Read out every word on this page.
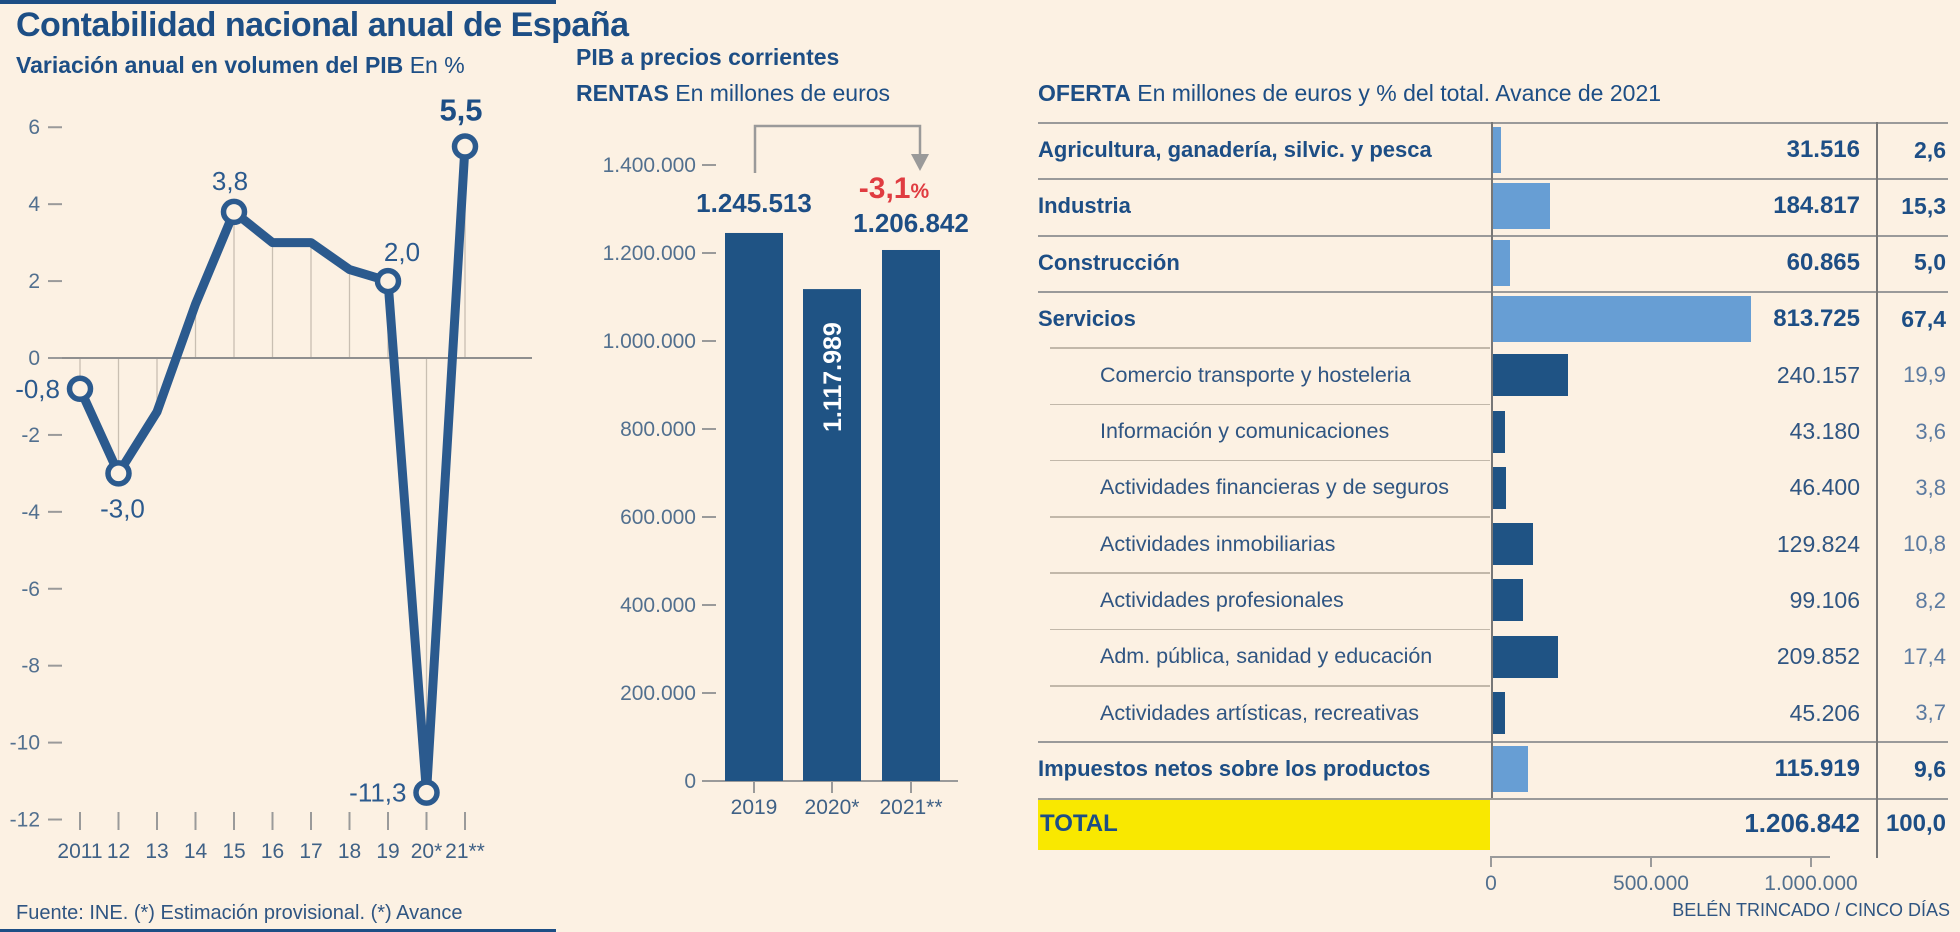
Contabilidad nacional anual de España
Variación anual en volumen del PIB En %
6
4
2
0
-2
-4
-6
-8
-10
-12
2011 12 13 14 15 16 17 18 19 20* 21**
-0,8
-3,0
3,8
2,0
-11,3
5,5
PIB a precios corrientes
RENTAS En millones de euros
1.400.000
1.200.000
1.000.000
800.000
600.000
400.000
200.000
0
2019
1.245.513
2020*
1.117.989
2021**
1.206.842
-3,1%
OFERTA En millones de euros y % del total. Avance de 2021
Agricultura, ganadería, silvic. y pesca	31.516 2,6
Industria	184.817 15,3
Construcción	60.865 5,0
Servicios	813.725 67,4
Comercio transporte y hosteleria	240.157 19,9
Información y comunicaciones	43.180	3,6
Actividades financieras y de seguros	46.400	3,8
Actividades inmobiliarias	129.824 10,8
Actividades profesionales	99.106	8,2
Adm. pública, sanidad y educación	209.852 17,4
Actividades artísticas, recreativas	45.206	3,7
Impuestos netos sobre los productos	115.919 9,6
TOTAL	1.206.842 100,0
0	500.000	1.000.000
Fuente: INE. (*) Estimación provisional. (*) Avance	BELÉN TRINCADO / CINCO DÍAS
